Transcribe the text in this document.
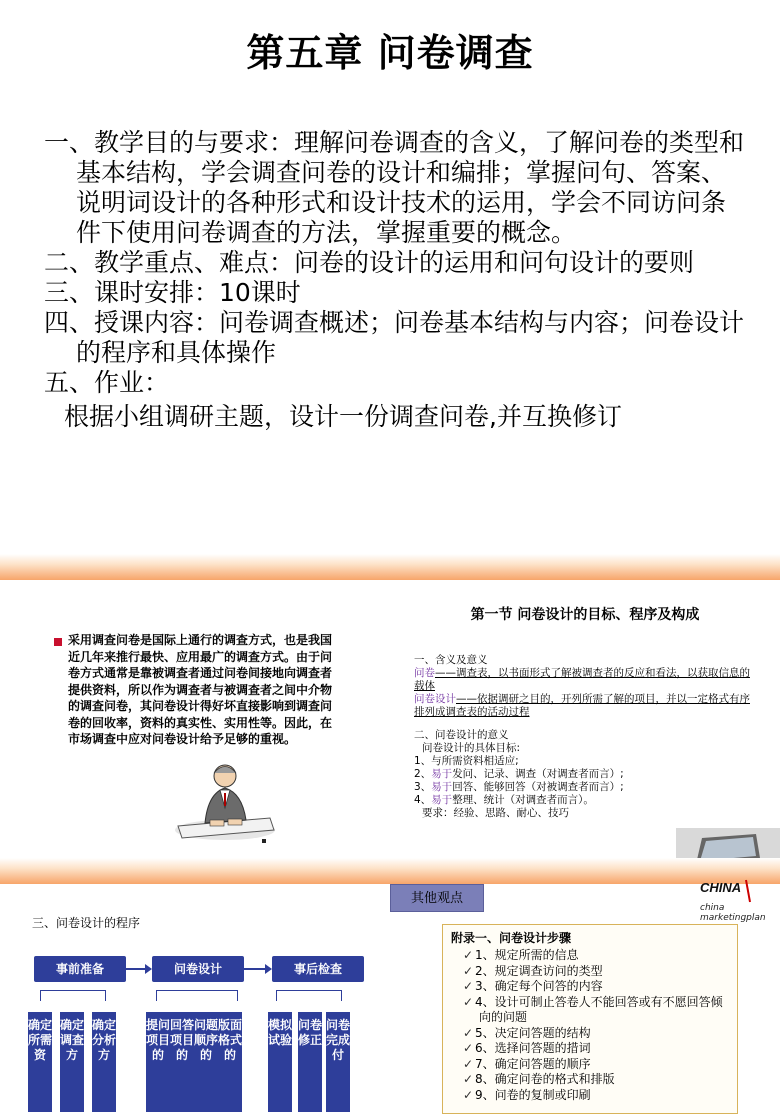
第五章 问卷调查

一、教学目的与要求：理解问卷调查的含义，了解问卷的类型和基本结构，学会调查问卷的设计和编排；掌握问句、答案、说明词设计的各种形式和设计技术的运用，学会不同访问条件下使用问卷调查的方法，掌握重要的概念。

二、教学重点、难点：问卷的设计的运用和问句设计的要则

三、课时安排：10课时

四、授课内容：问卷调查概述；问卷基本结构与内容；问卷设计的程序和具体操作

五、作业：

根据小组调研主题，设计一份调查问卷,并互换修订

采用调查问卷是国际上通行的调查方式，也是我国近几年来推行最快、应用最广的调查方式。由于问卷方式通常是靠被调查者通过问卷间接地向调查者提供资料，所以作为调查者与被调查者之间中介物的调查问卷，其问卷设计得好坏直接影响到调查问卷的回收率，资料的真实性、实用性等。因此，在市场调查中应对问卷设计给予足够的重视。
第一节 问卷设计的目标、程序及构成

一、含义及意义

问卷——调查表，以书面形式了解被调查者的反应和看法，以获取信息的载体

问卷设计——依据调研之目的，开列所需了解的项目，并以一定格式有序排列成调查表的活动过程

二、问卷设计的意义

问卷设计的具体目标:

1、与所需资料相适应;

2、易于发问、记录、调查（对调查者而言）;

3、易于回答、能够回答（对被调查者而言）;

4、易于整理、统计（对调查者而言）。

要求：经验、思路、耐心、技巧

三、问卷设计的程序
事前准备	问卷设计	事后检查
确定所需资
确定调查方
确定分析方
提问项目的
回答项目的
问题顺序的
版面格式的
模拟试验
问卷修正
问卷完成付
其他观点

附录一、问卷设计步骤

✓ 1、规定所需的信息

✓ 2、规定调查访问的类型

✓ 3、确定每个问答的内容

✓ 4、设计可制止答卷人不能回答或有不愿回答倾向的问题

✓ 5、决定问答题的结构

✓ 6、选择问答题的措词

✓ 7、确定问答题的顺序

✓ 8、确定问卷的格式和排版

✓ 9、问卷的复制或印刷

CHINA
china marketingplan
